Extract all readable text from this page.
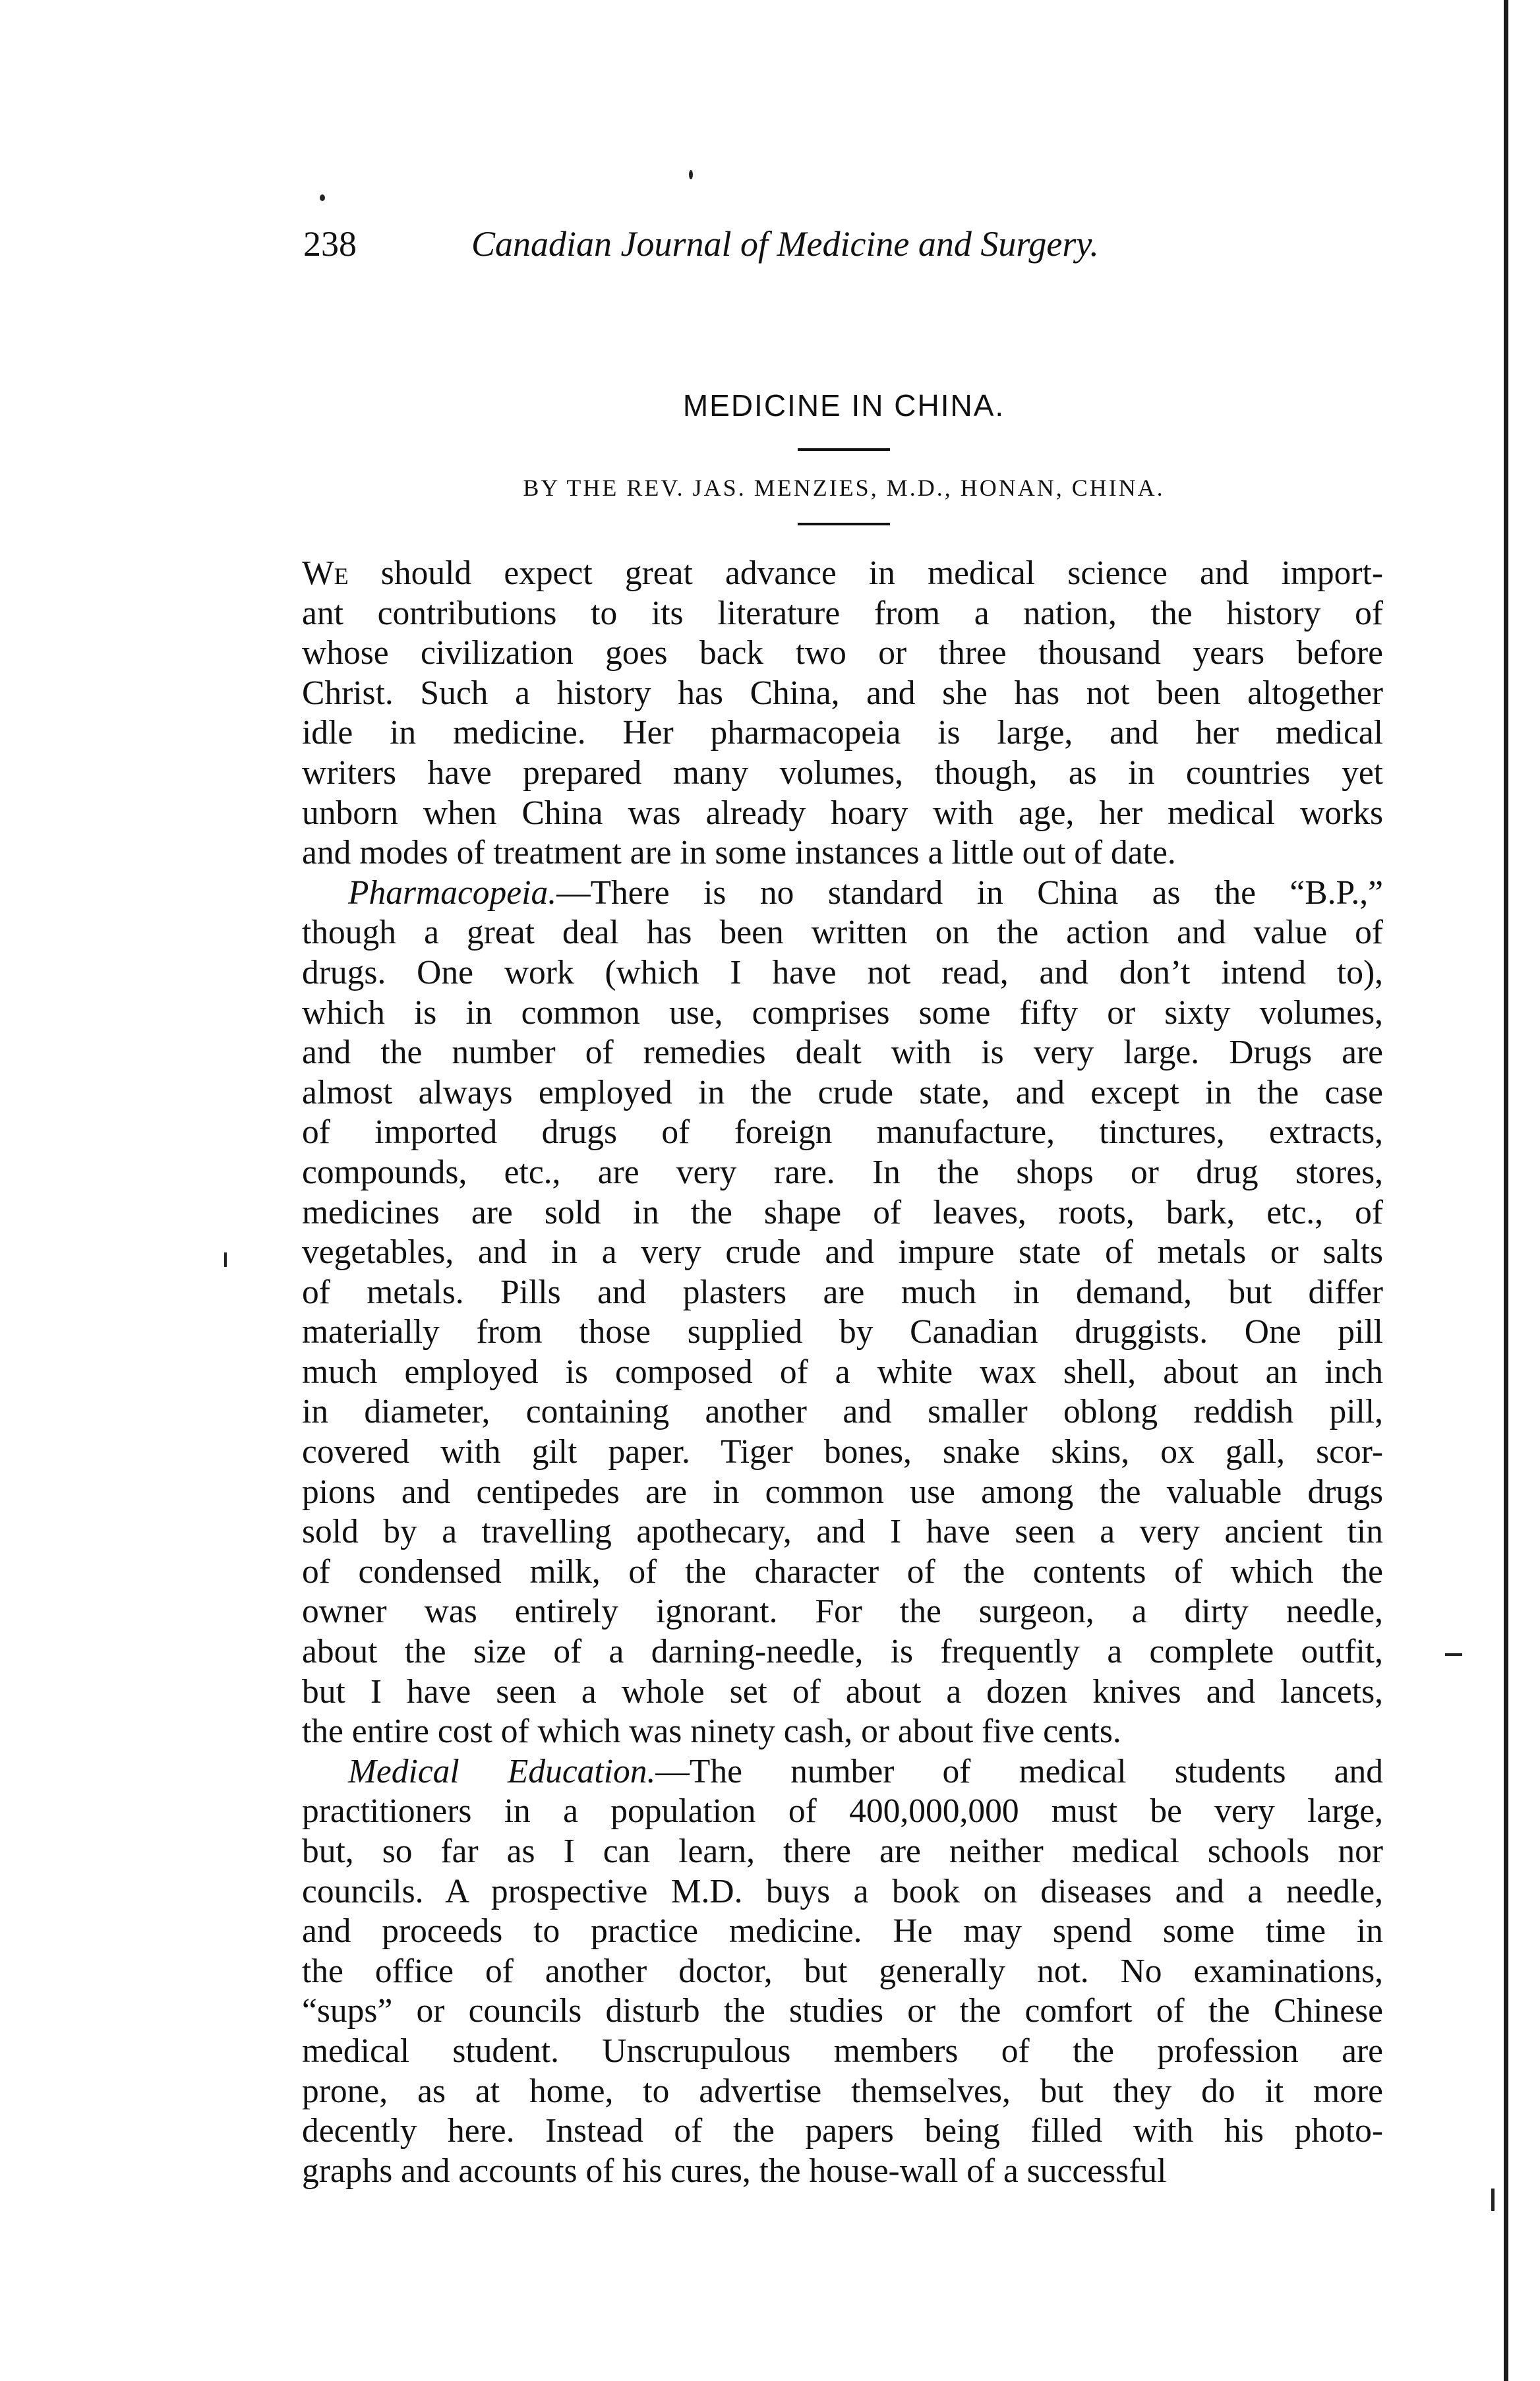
238	Canadian Journal of Medicine and Surgery.
MEDICINE IN CHINA.
BY THE REV. JAS. MENZIES, M.D., HONAN, CHINA.
We should expect great advance in medical science and import-
ant contributions to its literature from a nation, the history of
whose civilization goes back two or three thousand years before
Christ. Such a history has China, and she has not been altogether
idle in medicine. Her pharmacopeia is large, and her medical
writers have prepared many volumes, though, as in countries yet
unborn when China was already hoary with age, her medical works
and modes of treatment are in some instances a little out of date.
Pharmacopeia.—There is no standard in China as the “B.P.,”
though a great deal has been written on the action and value of
drugs. One work (which I have not read, and don’t intend to),
which is in common use, comprises some fifty or sixty volumes,
and the number of remedies dealt with is very large. Drugs are
almost always employed in the crude state, and except in the case
of imported drugs of foreign manufacture, tinctures, extracts,
compounds, etc., are very rare. In the shops or drug stores,
medicines are sold in the shape of leaves, roots, bark, etc., of
vegetables, and in a very crude and impure state of metals or salts
of metals. Pills and plasters are much in demand, but differ
materially from those supplied by Canadian druggists. One pill
much employed is composed of a white wax shell, about an inch
in diameter, containing another and smaller oblong reddish pill,
covered with gilt paper. Tiger bones, snake skins, ox gall, scor-
pions and centipedes are in common use among the valuable drugs
sold by a travelling apothecary, and I have seen a very ancient tin
of condensed milk, of the character of the contents of which the
owner was entirely ignorant. For the surgeon, a dirty needle,
about the size of a darning-needle, is frequently a complete outfit,
but I have seen a whole set of about a dozen knives and lancets,
the entire cost of which was ninety cash, or about five cents.
Medical Education.—The number of medical students and
practitioners in a population of 400,000,000 must be very large,
but, so far as I can learn, there are neither medical schools nor
councils. A prospective M.D. buys a book on diseases and a needle,
and proceeds to practice medicine. He may spend some time in
the office of another doctor, but generally not. No examinations,
“sups” or councils disturb the studies or the comfort of the Chinese
medical student. Unscrupulous members of the profession are
prone, as at home, to advertise themselves, but they do it more
decently here. Instead of the papers being filled with his photo-
graphs and accounts of his cures, the house-wall of a successful
